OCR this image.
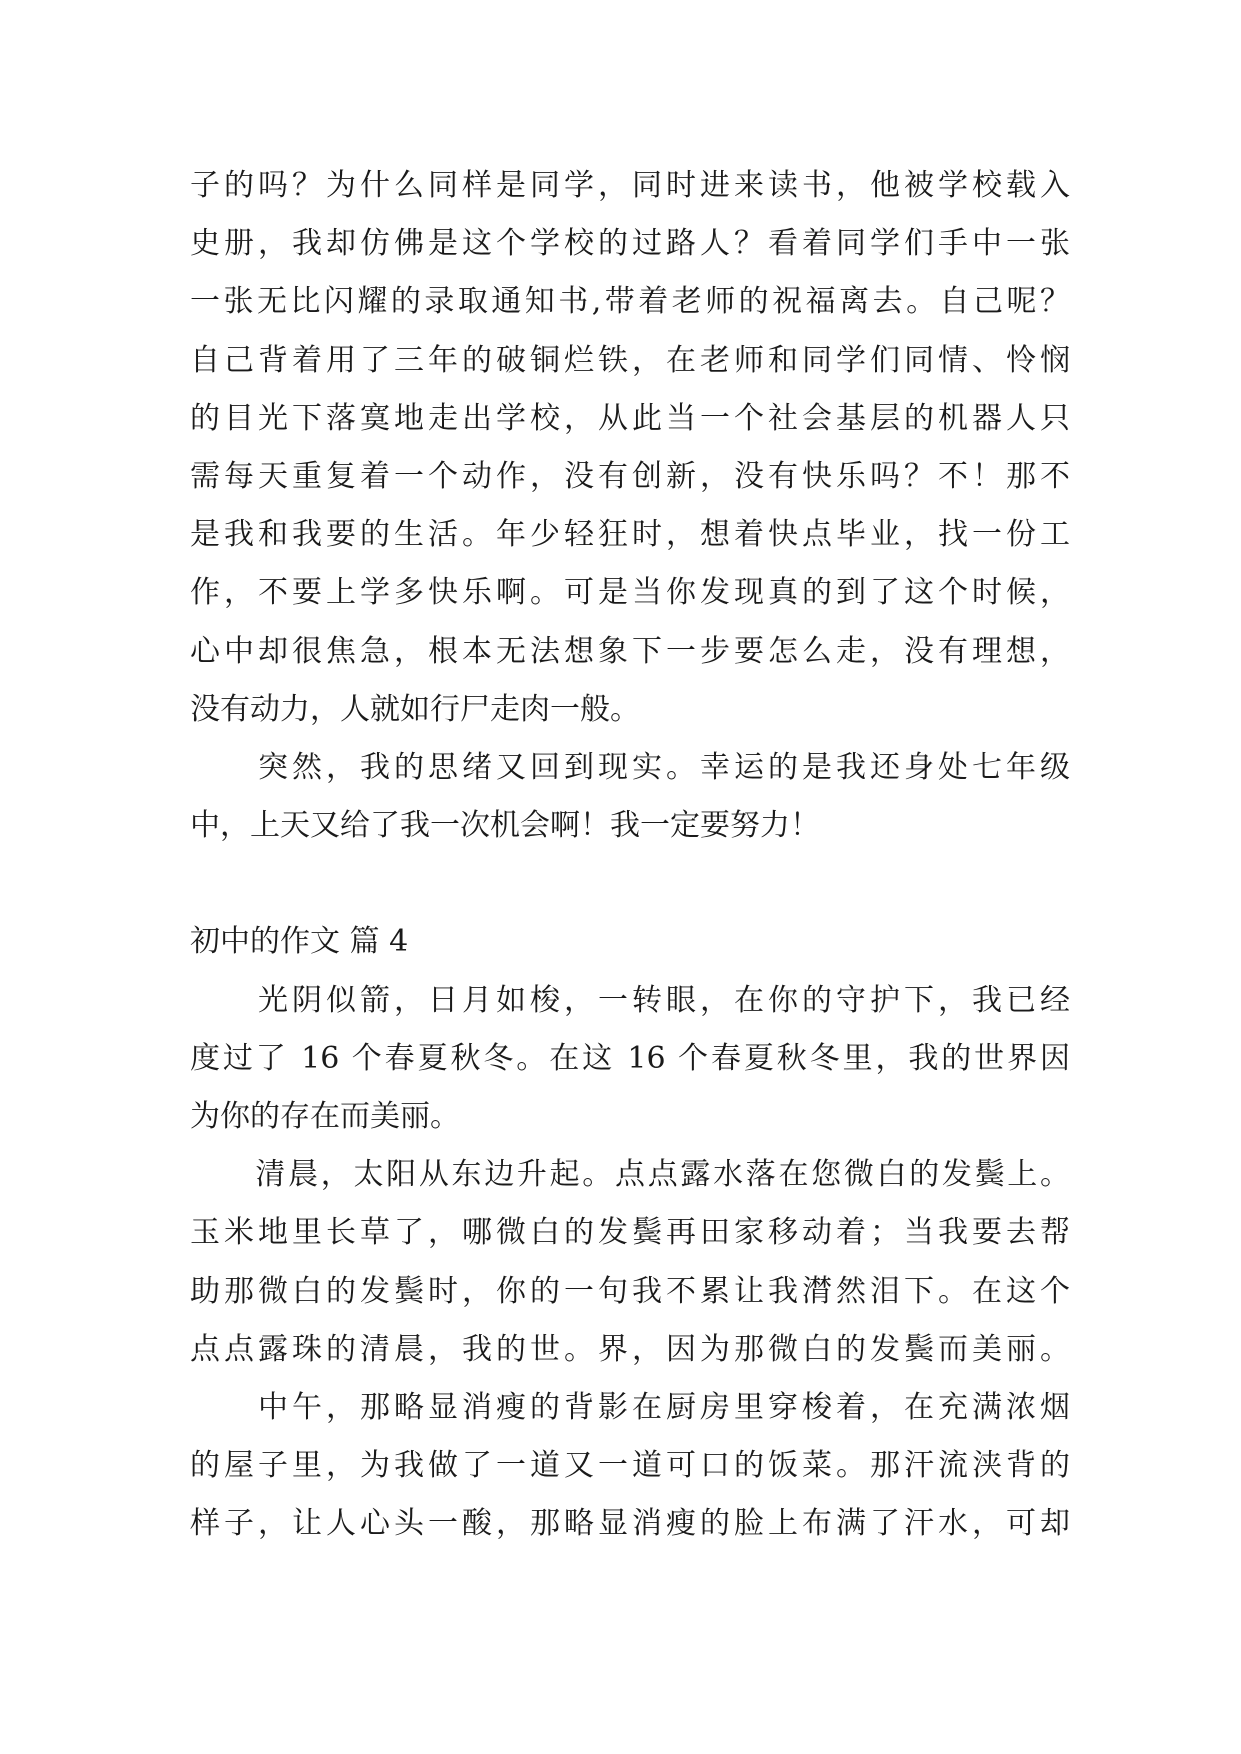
子的吗？为什么同样是同学，同时进来读书，他被学校载入
史册，我却仿佛是这个学校的过路人？看着同学们手中一张
一张无比闪耀的录取通知书,带着老师的祝福离去。自己呢？
自己背着用了三年的破铜烂铁，在老师和同学们同情、怜悯
的目光下落寞地走出学校，从此当一个社会基层的机器人只
需每天重复着一个动作，没有创新，没有快乐吗？不！那不
是我和我要的生活。年少轻狂时，想着快点毕业，找一份工
作，不要上学多快乐啊。可是当你发现真的到了这个时候，
心中却很焦急，根本无法想象下一步要怎么走，没有理想，
没有动力，人就如行尸走肉一般。
　　突然，我的思绪又回到现实。幸运的是我还身处七年级
中，上天又给了我一次机会啊！我一定要努力！
初中的作文 篇 4
　　光阴似箭，日月如梭，一转眼，在你的守护下，我已经
度过了 16 个春夏秋冬。在这 16 个春夏秋冬里，我的世界因
为你的存在而美丽。
　　清晨，太阳从东边升起。点点露水落在您微白的发鬓上。
玉米地里长草了，哪微白的发鬓再田家移动着；当我要去帮
助那微白的发鬓时，你的一句我不累让我潸然泪下。在这个
点点露珠的清晨，我的世。界，因为那微白的发鬓而美丽。
　　中午，那略显消瘦的背影在厨房里穿梭着，在充满浓烟
的屋子里，为我做了一道又一道可口的饭菜。那汗流浃背的
样子，让人心头一酸，那略显消瘦的脸上布满了汗水，可却
